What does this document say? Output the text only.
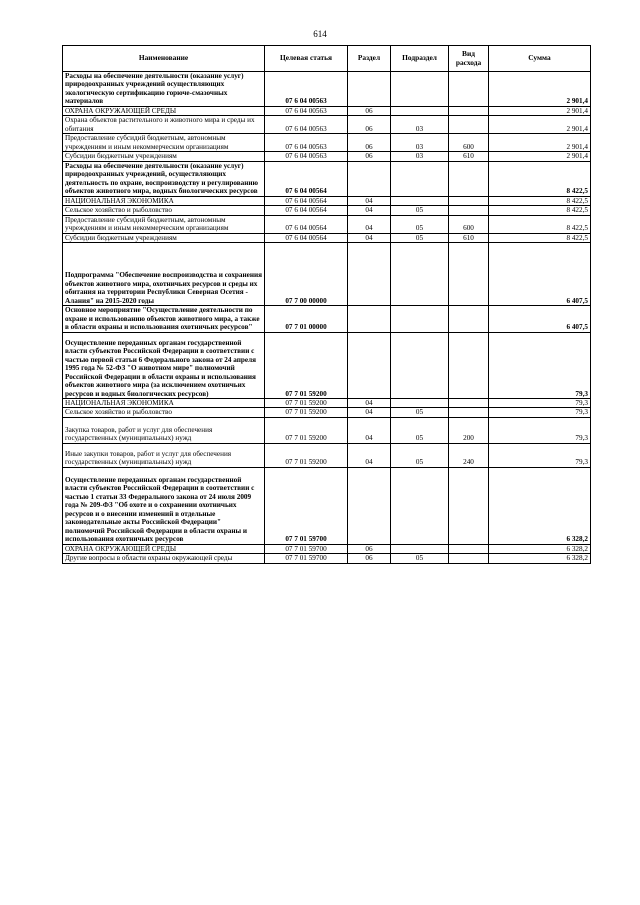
614
Наименование	Целевая статья	Раздел	Подраздел	Вид расхода	Сумма
Расходы на обеспечение деятельности (оказание услуг) природоохранных учреждений осуществляющих экологическую сертификацию горюче-смазочных материалов	07 6 04 00563				2 901,4
ОХРАНА ОКРУЖАЮЩЕЙ СРЕДЫ	07 6 04 00563	06			2 901,4
Охрана объектов растительного и животного мира и среды их обитания	07 6 04 00563	06	03		2 901,4
Предоставление субсидий бюджетным, автономным учреждениям и иным некоммерческим организациям	07 6 04 00563	06	03	600	2 901,4
Субсидии бюджетным учреждениям	07 6 04 00563	06	03	610	2 901,4
Расходы на обеспечение деятельности (оказание услуг) природоохранных учреждений, осуществляющих деятельность по охране, воспроизводству и регулированию объектов животного мира, водных биологических ресурсов	07 6 04 00564				8 422,5
НАЦИОНАЛЬНАЯ ЭКОНОМИКА	07 6 04 00564	04			8 422,5
Сельское хозяйство и рыболовство	07 6 04 00564	04	05		8 422,5
Предоставление субсидий бюджетным, автономным учреждениям и иным некоммерческим организациям	07 6 04 00564	04	05	600	8 422,5
Субсидии бюджетным учреждениям	07 6 04 00564	04	05	610	8 422,5
Подпрограмма "Обеспечение воспроизводства и сохранения объектов животного мира, охотничьих ресурсов и среды их обитания на территории Республики Северная Осетия - Алания" на 2015-2020 годы	07 7 00 00000				6 407,5
Основное мероприятие "Осуществление деятельности по охране и использованию объектов животного мира, а также в области охраны и использования охотничьих ресурсов"	07 7 01 00000				6 407,5
Осуществление переданных органам государственной власти субъектов Российской Федерации в соответствии с частью первой статьи 6 Федерального закона от 24 апреля 1995 года № 52-ФЗ "О животном мире" полномочий Российской Федерации в области охраны и использования объектов животного мира (за исключением охотничьих ресурсов и водных биологических ресурсов)	07 7 01 59200				79,3
НАЦИОНАЛЬНАЯ ЭКОНОМИКА	07 7 01 59200	04			79,3
Сельское хозяйство и рыболовство	07 7 01 59200	04	05		79,3
Закупка товаров, работ и услуг для обеспечения государственных (муниципальных) нужд	07 7 01 59200	04	05	200	79,3
Иные закупки товаров, работ и услуг для обеспечения государственных (муниципальных) нужд	07 7 01 59200	04	05	240	79,3
Осуществление переданных органам государственной власти субъектов Российской Федерации в соответствии с частью 1 статьи 33 Федерального закона от 24 июля 2009 года № 209-ФЗ "Об охоте и о сохранении охотничьих ресурсов и о внесении изменений в отдельные законодательные акты Российской Федерации" полномочий Российской Федерации в области охраны и использования охотничьих ресурсов	07 7 01 59700				6 328,2
ОХРАНА ОКРУЖАЮЩЕЙ СРЕДЫ	07 7 01 59700	06			6 328,2
Другие вопросы в области охраны окружающей среды	07 7 01 59700	06	05		6 328,2
